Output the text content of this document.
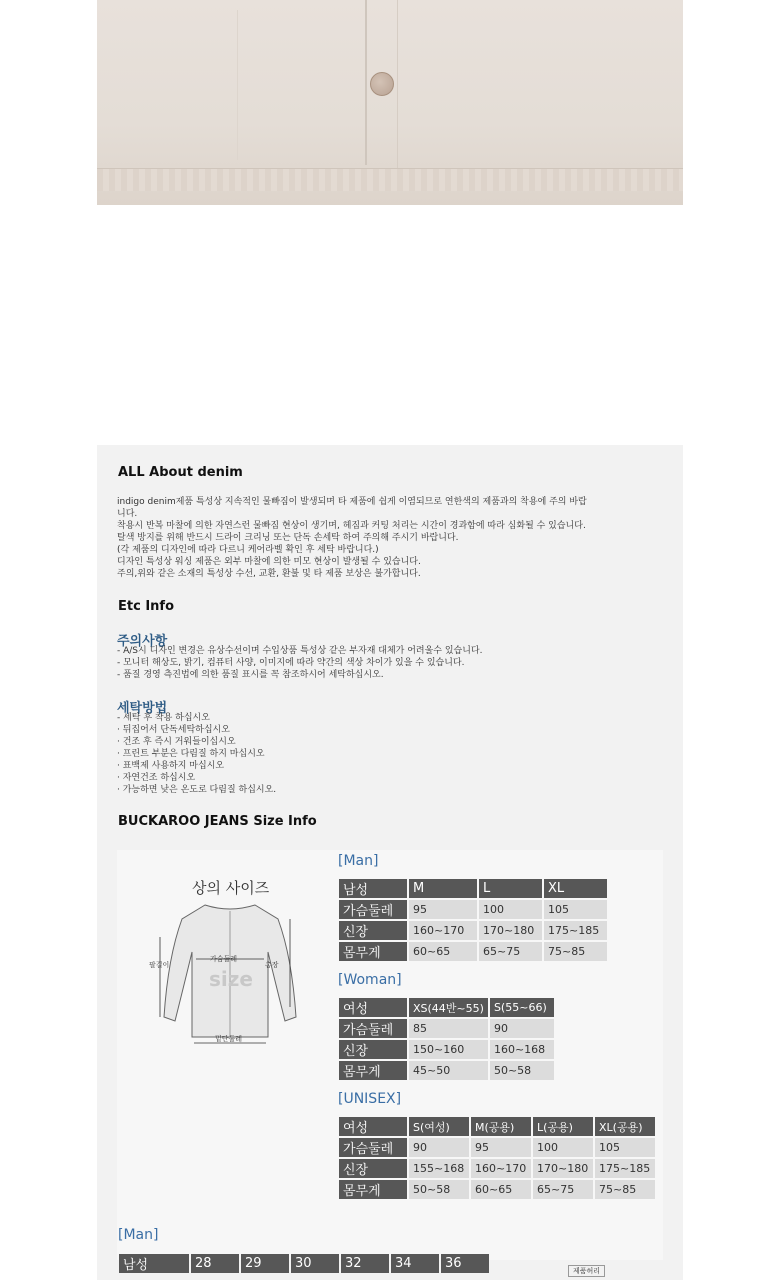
ALL About denim
indigo denim제품 특성상 지속적인 물빠짐이 발생되며 타 제품에 쉽게 이염되므로 연한색의 제품과의 착용에 주의 바랍
니다.
착용시 반복 마찰에 의한 자연스런 물빠짐 현상이 생기며, 헤짐과 커팅 처리는 시간이 경과함에 따라 심화될 수 있습니다.
탈색 방지를 위해 반드시 드라이 크리닝 또는 단독 손세탁 하여 주의해 주시기 바랍니다.
(각 제품의 디자인에 따라 다르니 케어라벨 확인 후 세탁 바랍니다.)
디자인 특성상 워싱 제품은 외부 마찰에 의한 미모 현상이 발생될 수 있습니다.
주의,위와 같은 소재의 특성상 수선, 교환, 환불 및 타 제품 보상은 불가합니다.
Etc Info
주의사항
- A/S시 디자인 변경은 유상수선이며 수입상품 특성상 같은 부자재 대체가 어려울수 있습니다.
- 모니터 해상도, 밝기, 컴퓨터 사양, 이미지에 따라 약간의 색상 차이가 있을 수 있습니다.
- 품질 경영 측진법에 의한 품질 표시를 꼭 참조하시어 세탁하십시오.
세탁방법
- 세탁 후 착용 하십시오
· 뒤집어서 단독세탁하십시오
· 건조 후 즉시 거워들이십시오
· 프린트 부분은 다림질 하지 마십시오
· 표백제 사용하지 마십시오
· 자연건조 하십시오
· 가능하면 낮은 온도로 다림질 하십시오.
BUCKAROO JEANS Size Info
상의 사이즈
가슴둘레
팔길이	총장
밑단둘레
size
[Man]
남성	M	L	XL
가슴둘레	95	100	105
신장	160~170	170~180	175~185
몸무게	60~65	65~75	75~85
[Woman]
여성	XS(44반~55)	S(55~66)
가슴둘레	85	90
신장	150~160	160~168
몸무게	45~50	50~58
[UNISEX]
여성	S(여성)	M(공용)	L(공용)	XL(공용)
가슴둘레	90	95	100	105
신장	155~168	160~170	170~180	175~185
몸무게	50~58	60~65	65~75	75~85
[Man]
남성	28	29	30	32	34	36	제품허리
